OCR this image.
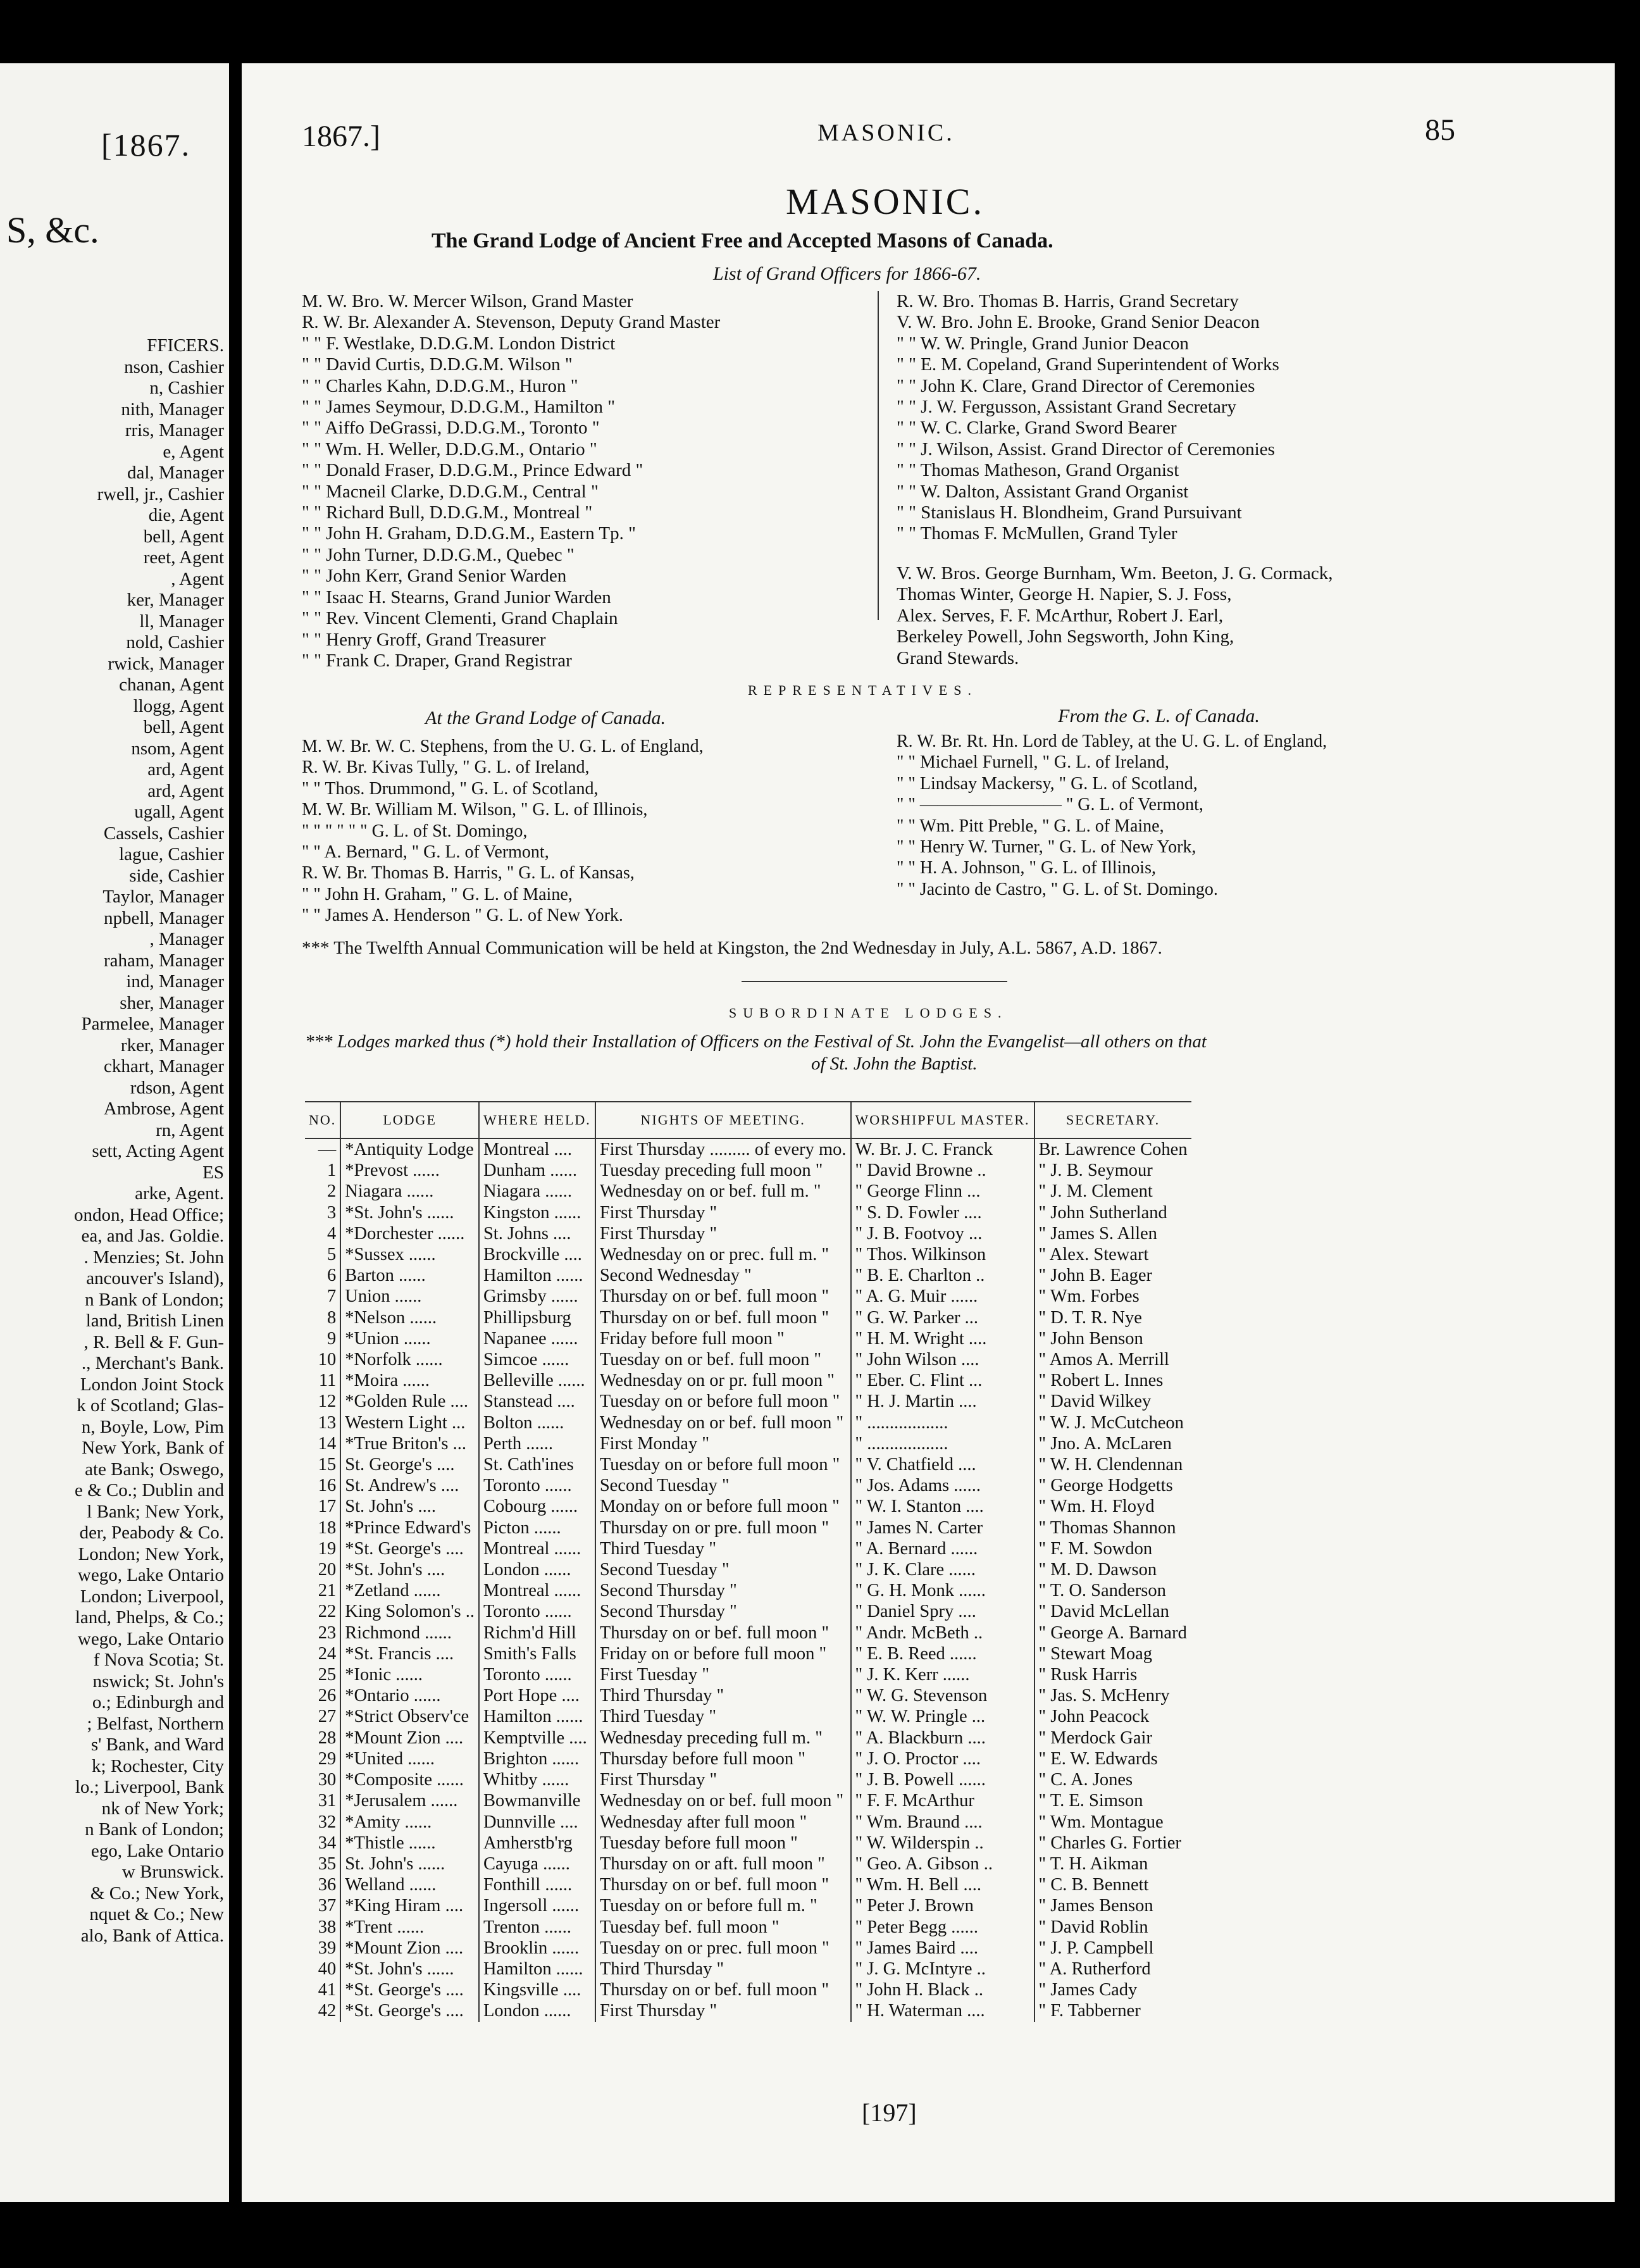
[1867.
S, &c.
FFICERS.
nson, Cashier
n, Cashier
nith, Manager
rris, Manager
e, Agent
dal, Manager
rwell, jr., Cashier
die, Agent
bell, Agent
reet, Agent
, Agent
ker, Manager
ll, Manager
nold, Cashier
rwick, Manager
chanan, Agent
llogg, Agent
bell, Agent
nsom, Agent
ard, Agent
ard, Agent
ugall, Agent
Cassels, Cashier
lague, Cashier
side, Cashier
Taylor, Manager
npbell, Manager
, Manager
raham, Manager
ind, Manager
sher, Manager
Parmelee, Manager
rker, Manager
ckhart, Manager
rdson, Agent
Ambrose, Agent
rn, Agent
sett, Acting Agent
ES
arke, Agent.
ondon, Head Office;
ea, and Jas. Goldie.
. Menzies; St. John
ancouver's Island),
n Bank of London;
land, British Linen
, R. Bell & F. Gun-
., Merchant's Bank.
London Joint Stock
k of Scotland; Glas-
n, Boyle, Low, Pim
New York, Bank of
ate Bank; Oswego,
e & Co.; Dublin and
l Bank; New York,
der, Peabody & Co.
London; New York,
wego, Lake Ontario
London; Liverpool,
land, Phelps, & Co.;
wego, Lake Ontario
f Nova Scotia; St.
nswick; St. John's
o.; Edinburgh and
; Belfast, Northern
s' Bank, and Ward
k; Rochester, City
lo.; Liverpool, Bank
nk of New York;
n Bank of London;
ego, Lake Ontario
w Brunswick.
& Co.; New York,
nquet & Co.; New
alo, Bank of Attica.
1867.]	MASONIC.	85
MASONIC.
The Grand Lodge of Ancient Free and Accepted Masons of Canada.
List of Grand Officers for 1866-67.
M. W. Bro. W. Mercer Wilson, Grand Master
R. W. Br. Alexander A. Stevenson, Deputy Grand Master
" " F. Westlake, D.D.G.M. London District
" " David Curtis, D.D.G.M. Wilson "
" " Charles Kahn, D.D.G.M., Huron "
" " James Seymour, D.D.G.M., Hamilton "
" " Aiffo DeGrassi, D.D.G.M., Toronto "
" " Wm. H. Weller, D.D.G.M., Ontario "
" " Donald Fraser, D.D.G.M., Prince Edward "
" " Macneil Clarke, D.D.G.M., Central "
" " Richard Bull, D.D.G.M., Montreal "
" " John H. Graham, D.D.G.M., Eastern Tp. "
" " John Turner, D.D.G.M., Quebec "
" " John Kerr, Grand Senior Warden
" " Isaac H. Stearns, Grand Junior Warden
" " Rev. Vincent Clementi, Grand Chaplain
" " Henry Groff, Grand Treasurer
" " Frank C. Draper, Grand Registrar
R. W. Bro. Thomas B. Harris, Grand Secretary
V. W. Bro. John E. Brooke, Grand Senior Deacon
" " W. W. Pringle, Grand Junior Deacon
" " E. M. Copeland, Grand Superintendent of Works
" " John K. Clare, Grand Director of Ceremonies
" " J. W. Fergusson, Assistant Grand Secretary
" " W. C. Clarke, Grand Sword Bearer
" " J. Wilson, Assist. Grand Director of Ceremonies
" " Thomas Matheson, Grand Organist
" " W. Dalton, Assistant Grand Organist
" " Stanislaus H. Blondheim, Grand Pursuivant
" " Thomas F. McMullen, Grand Tyler
V. W. Bros. George Burnham, Wm. Beeton, J. G. Cormack,
Thomas Winter, George H. Napier, S. J. Foss,
Alex. Serves, F. F. McArthur, Robert J. Earl,
Berkeley Powell, John Segsworth, John King,
Grand Stewards.
REPRESENTATIVES.
At the Grand Lodge of Canada.	From the G. L. of Canada.
M. W. Br. W. C. Stephens, from the U. G. L. of England,
R. W. Br. Kivas Tully, " G. L. of Ireland,
" " Thos. Drummond, " G. L. of Scotland,
M. W. Br. William M. Wilson, " G. L. of Illinois,
" " " " " " G. L. of St. Domingo,
" " A. Bernard, " G. L. of Vermont,
R. W. Br. Thomas B. Harris, " G. L. of Kansas,
" " John H. Graham, " G. L. of Maine,
" " James A. Henderson " G. L. of New York.
R. W. Br. Rt. Hn. Lord de Tabley, at the U. G. L. of England,
" " Michael Furnell, " G. L. of Ireland,
" " Lindsay Mackersy, " G. L. of Scotland,
" " ———————— " G. L. of Vermont,
" " Wm. Pitt Preble, " G. L. of Maine,
" " Henry W. Turner, " G. L. of New York,
" " H. A. Johnson, " G. L. of Illinois,
" " Jacinto de Castro, " G. L. of St. Domingo.
*** The Twelfth Annual Communication will be held at Kingston, the 2nd Wednesday in July, A.L. 5867, A.D. 1867.
SUBORDINATE LODGES.
*** Lodges marked thus (*) hold their Installation of Officers on the Festival of St. John the Evangelist—all others on that
of St. John the Baptist.
NO.	LODGE	WHERE HELD.	NIGHTS OF MEETING.	WORSHIPFUL MASTER.	SECRETARY.
—	*Antiquity Lodge	Montreal ....	First Thursday ......... of every mo.	W. Br. J. C. Franck	Br. Lawrence Cohen
1	*Prevost ......	Dunham ......	Tuesday preceding full moon "	" David Browne ..	" J. B. Seymour
2	Niagara ......	Niagara ......	Wednesday on or bef. full m. "	" George Flinn ...	" J. M. Clement
3	*St. John's ......	Kingston ......	First Thursday "	" S. D. Fowler ....	" John Sutherland
4	*Dorchester ......	St. Johns ....	First Thursday "	" J. B. Footvoy ...	" James S. Allen
5	*Sussex ......	Brockville ....	Wednesday on or prec. full m. "	" Thos. Wilkinson	" Alex. Stewart
6	Barton ......	Hamilton ......	Second Wednesday "	" B. E. Charlton ..	" John B. Eager
7	Union ......	Grimsby ......	Thursday on or bef. full moon "	" A. G. Muir ......	" Wm. Forbes
8	*Nelson ......	Phillipsburg	Thursday on or bef. full moon "	" G. W. Parker ...	" D. T. R. Nye
9	*Union ......	Napanee ......	Friday before full moon "	" H. M. Wright ....	" John Benson
10	*Norfolk ......	Simcoe ......	Tuesday on or bef. full moon "	" John Wilson ....	" Amos A. Merrill
11	*Moira ......	Belleville ......	Wednesday on or pr. full moon "	" Eber. C. Flint ...	" Robert L. Innes
12	*Golden Rule ....	Stanstead ....	Tuesday on or before full moon "	" H. J. Martin ....	" David Wilkey
13	Western Light ...	Bolton ......	Wednesday on or bef. full moon "	" ..................	" W. J. McCutcheon
14	*True Briton's ...	Perth ......	First Monday "	" ..................	" Jno. A. McLaren
15	St. George's ....	St. Cath'ines	Tuesday on or before full moon "	" V. Chatfield ....	" W. H. Clendennan
16	St. Andrew's ....	Toronto ......	Second Tuesday "	" Jos. Adams ......	" George Hodgetts
17	St. John's ....	Cobourg ......	Monday on or before full moon "	" W. I. Stanton ....	" Wm. H. Floyd
18	*Prince Edward's	Picton ......	Thursday on or pre. full moon "	" James N. Carter	" Thomas Shannon
19	*St. George's ....	Montreal ......	Third Tuesday "	" A. Bernard ......	" F. M. Sowdon
20	*St. John's ....	London ......	Second Tuesday "	" J. K. Clare ......	" M. D. Dawson
21	*Zetland ......	Montreal ......	Second Thursday "	" G. H. Monk ......	" T. O. Sanderson
22	King Solomon's ..	Toronto ......	Second Thursday "	" Daniel Spry ....	" David McLellan
23	Richmond ......	Richm'd Hill	Thursday on or bef. full moon "	" Andr. McBeth ..	" George A. Barnard
24	*St. Francis ....	Smith's Falls	Friday on or before full moon "	" E. B. Reed ......	" Stewart Moag
25	*Ionic ......	Toronto ......	First Tuesday "	" J. K. Kerr ......	" Rusk Harris
26	*Ontario ......	Port Hope ....	Third Thursday "	" W. G. Stevenson	" Jas. S. McHenry
27	*Strict Observ'ce	Hamilton ......	Third Tuesday "	" W. W. Pringle ...	" John Peacock
28	*Mount Zion ....	Kemptville ....	Wednesday preceding full m. "	" A. Blackburn ....	" Merdock Gair
29	*United ......	Brighton ......	Thursday before full moon "	" J. O. Proctor ....	" E. W. Edwards
30	*Composite ......	Whitby ......	First Thursday "	" J. B. Powell ......	" C. A. Jones
31	*Jerusalem ......	Bowmanville	Wednesday on or bef. full moon "	" F. F. McArthur	" T. E. Simson
32	*Amity ......	Dunnville ....	Wednesday after full moon "	" Wm. Braund ....	" Wm. Montague
34	*Thistle ......	Amherstb'rg	Tuesday before full moon "	" W. Wilderspin ..	" Charles G. Fortier
35	St. John's ......	Cayuga ......	Thursday on or aft. full moon "	" Geo. A. Gibson ..	" T. H. Aikman
36	Welland ......	Fonthill ......	Thursday on or bef. full moon "	" Wm. H. Bell ....	" C. B. Bennett
37	*King Hiram ....	Ingersoll ......	Tuesday on or before full m. "	" Peter J. Brown	" James Benson
38	*Trent ......	Trenton ......	Tuesday bef. full moon "	" Peter Begg ......	" David Roblin
39	*Mount Zion ....	Brooklin ......	Tuesday on or prec. full moon "	" James Baird ....	" J. P. Campbell
40	*St. John's ......	Hamilton ......	Third Thursday "	" J. G. McIntyre ..	" A. Rutherford
41	*St. George's ....	Kingsville ....	Thursday on or bef. full moon "	" John H. Black ..	" James Cady
42	*St. George's ....	London ......	First Thursday "	" H. Waterman ....	" F. Tabberner
[197]
